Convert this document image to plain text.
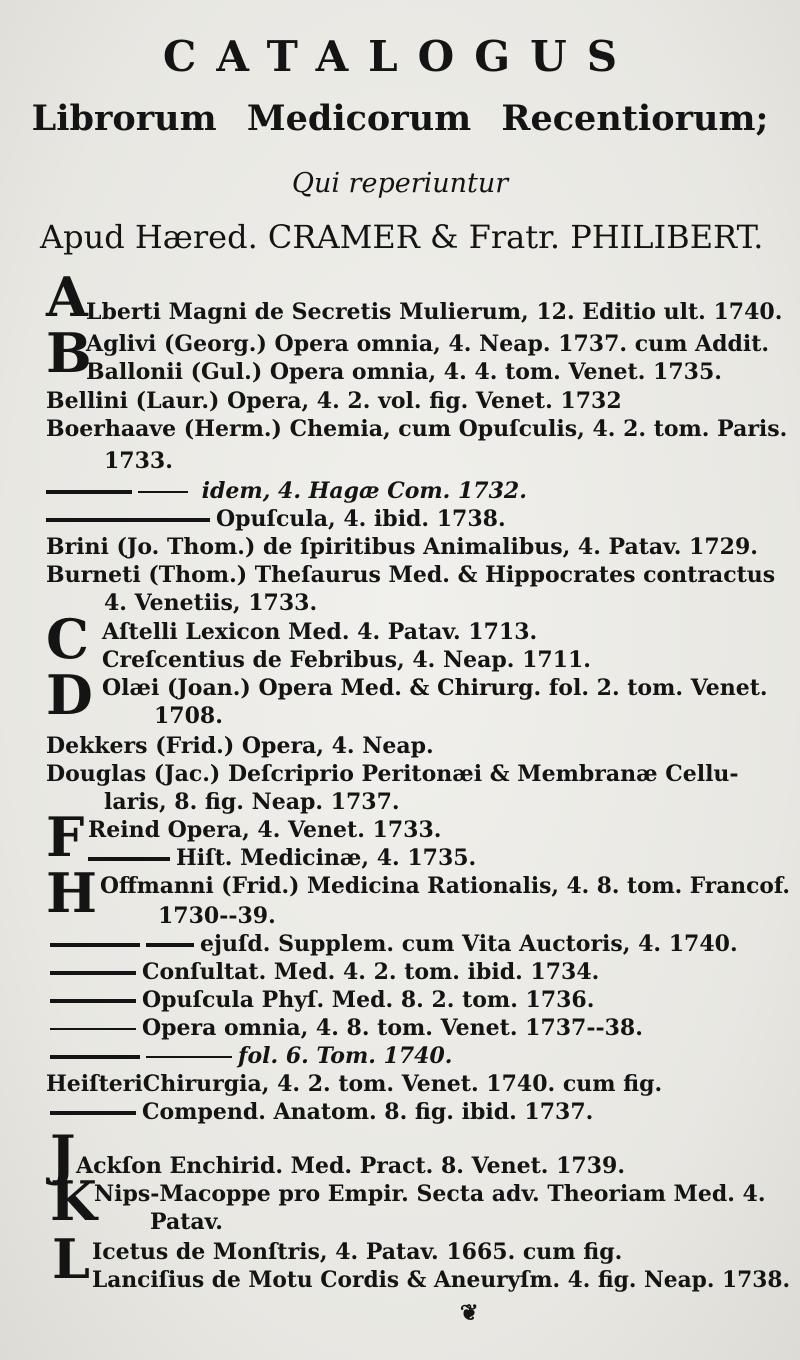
CATALOGUS
Librorum Medicorum Recentiorum;

Qui reperiuntur

Apud Hæred. CRAMER & Fratr. PHILIBERT.

A
Lberti Magni de Secretis Mulierum, 12. Editio ult. 1740.
B
Aglivi (Georg.) Opera omnia, 4. Neap. 1737. cum Addit.
Ballonii (Gul.) Opera omnia, 4. 4. tom. Venet. 1735.
Bellini (Laur.) Opera, 4. 2. vol. fig. Venet. 1732
Boerhaave (Herm.) Chemia, cum Opuſculis, 4. 2. tom. Paris.
1733.
idem, 4. Hagæ Com. 1732.
Opuſcula, 4. ibid. 1738.
Brini (Jo. Thom.) de ſpiritibus Animalibus, 4. Patav. 1729.
Burneti (Thom.) Theſaurus Med. & Hippocrates contractus
4. Venetiis, 1733.
C Aſtelli Lexicon Med. 4. Patav. 1713.
Creſcentius de Febribus, 4. Neap. 1711.
D Olæi (Joan.) Opera Med. & Chirurg. fol. 2. tom. Venet.
1708.
Dekkers (Frid.) Opera, 4. Neap.
Douglas (Jac.) Deſcriprio Peritonæi & Membranæ Cellu-
laris, 8. fig. Neap. 1737.
F Reind Opera, 4. Venet. 1733.
Hiſt. Medicinæ, 4. 1735.
H Offmanni (Frid.) Medicina Rationalis, 4. 8. tom. Francof.
1730--39.
ejuſd. Supplem. cum Vita Auctoris, 4. 1740.
Conſultat. Med. 4. 2. tom. ibid. 1734.
Opuſcula Phyſ. Med. 8. 2. tom. 1736.
Opera omnia, 4. 8. tom. Venet. 1737--38.
fol. 6. Tom. 1740.
HeiſteriChirurgia, 4. 2. tom. Venet. 1740. cum fig.
Compend. Anatom. 8. fig. ibid. 1737.
J Ackſon Enchirid. Med. Pract. 8. Venet. 1739.
K
Nips-Macoppe pro Empir. Secta adv. Theoriam Med. 4.
Patav.
L Icetus de Monſtris, 4. Patav. 1665. cum fig.
Lanciſius de Motu Cordis & Aneuryſm. 4. fig. Neap. 1738.
❦
